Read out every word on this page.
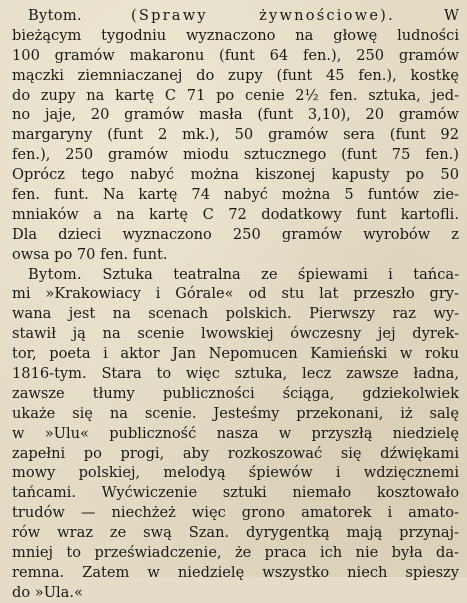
Bytom.	(Sprawy żywnościowe).	W
bieżącym tygodniu wyznaczono na głowę ludności
100 gramów makaronu (funt 64 fen.), 250 gramów
mączki ziemniaczanej do zupy (funt 45 fen.), kostkę
do zupy na kartę C 71 po cenie 2½ fen. sztuka, jed-
no jaje, 20 gramów masła (funt 3,10), 20 gramów
margaryny (funt 2 mk.), 50 gramów sera (funt 92
fen.), 250 gramów miodu sztucznego (funt 75 fen.)
Oprócz tego nabyć można kiszonej kapusty po 50
fen. funt. Na kartę 74 nabyć można 5 funtów zie-
mniaków a na kartę C 72 dodatkowy funt kartofli.
Dla dzieci wyznaczono 250 gramów wyrobów z
owsa po 70 fen. funt.
Bytom. Sztuka teatralna ze śpiewami i tańca-
mi »Krakowiacy i Górale« od stu lat przeszło gry-
wana jest na scenach polskich. Pierwszy raz wy-
stawił ją na scenie lwowskiej ówczesny jej dyrek-
tor, poeta i aktor Jan Nepomucen Kamieński w roku
1816-tym. Stara to więc sztuka, lecz zawsze ładna,
zawsze tłumy publiczności ściąga, gdziekolwiek
ukaże się na scenie. Jesteśmy przekonani, iż salę
w »Ulu« publiczność nasza w przyszłą niedzielę
zapełni po progi, aby rozkoszować się dźwiękami
mowy polskiej, melodyą śpiewów i wdzięcznemi
tańcami. Wyćwiczenie sztuki niemało kosztowało
trudów — niechżeż więc grono amatorek i amato-
rów wraz ze swą Szan. dyrygentką mają przynaj-
mniej to przeświadczenie, że praca ich nie była da-
remna. Zatem w niedzielę wszystko niech spieszy
do »Ula.«
